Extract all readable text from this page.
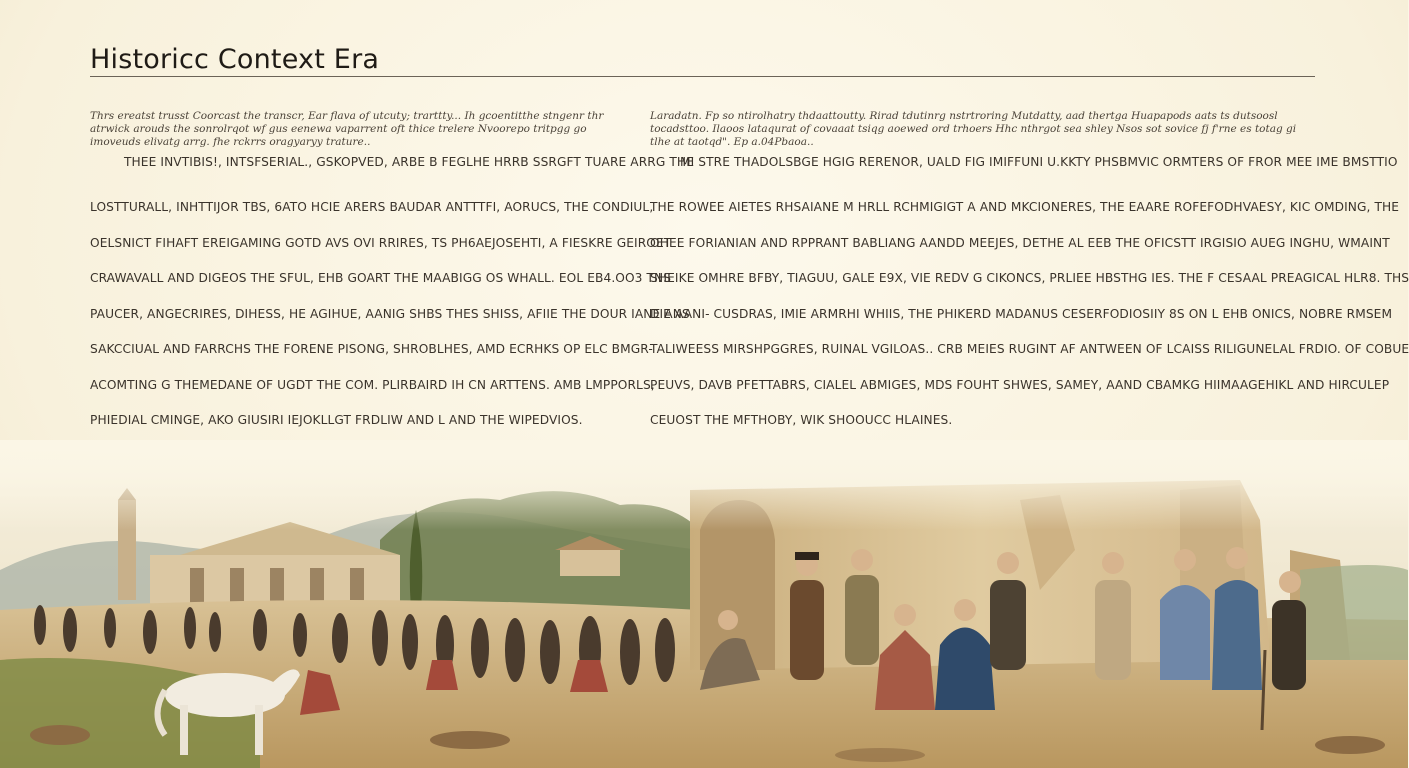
Historicc Context Era

Thrs ereatst trusst Coorcast the transcr, Ear flava of utcuty; trarttty... Ih gcoentitthe stngenr thr atrwick arouds the sonrolrqot wf gus eenewa vaparrent oft thice trelere Nvoorepo tritpgg go imoveuds elivatg arrg. fhe rckrrs oragyaryy trature..

THEE INVTIBIS!, INTSFSERIAL., GSKOPVED, ARBE B FEGLHE HRRB SSRGFT TUARE ARRG THE
LOSTTURALL, INHTTIJOR TBS, 6ATO HCIE ARERS BAUDAR ANTTTFI, AORUCS, THE CONDIUL,
OELSNICT FIHAFT EREIGAMING GOTD AVS OVI RRIRES, TS PH6AEJOSEHTI, A FIESKRE GEIROET
CRAWAVALL AND DIGEOS THE SFUL, EHB GOART THE MAABIGG OS WHALL. EOL EB4.OO3 TNS
PAUCER, ANGECRIRES, DIHESS, HE AGIHUE, AANIG SHBS THES SHISS, AFIIE THE DOUR IANE ANS
SAKCCIUAL AND FARRCHS THE FORENE PISONG, SHROBLHES, AMD ECRHKS OP ELC BMGR-
ACOMTING G THEMEDANE OF UGDT THE COM. PLIRBAIRD IH CN ARTTENS. AMB LMPPORLS,
PHIEDIAL CMINGE, AKO GIUSIRI IEJOKLLGT FRDLIW AND L AND THE WIPEDVIOS.

Laradatn. Fp so ntirolhatry thdaattoutty. Rirad tdutinrg nstrtroring Mutdatty, aad thertga Huapapods aats ts dutsoosl tocadsttoo. Ilaoos lataqurat of covaaat tsiqg aoewed ord trhoers Hhc nthrgot sea shley Nsos sot sovice fj f'rne es totag gi tlhe at taotqd". Ep a.04Pbaoa..

MI STRE THADOLSBGE HGIG RERENOR, UALD FIG IMIFFUNI U.KKTY PHSBMVIC ORMTERS OF FROR MEE IME BMSTTIO
THE ROWEE AIETES RHSAIANE M HRLL RCHMIGIGT A AND MKCIONERES, THE EAARE ROFEFODHVAESY, KIC OMDING, THE
OHEE FORIANIAN AND RPPRANT BABLIANG AANDD MEEJES, DETHE AL EEB THE OFICSTT IRGISIO AUEG INGHU, WMAINT
SHEIKE OMHRE BFBY, TIAGUU, GALE E9X, VIE REDV G CIKONCS, PRLIEE HBSTHG IES. THE F CESAAL PREAGICAL HLR8. THS
DIE AANI- CUSDRAS, IMIE ARMRHI WHIIS, THE PHIKERD MADANUS CESERFODIOSIIY 8S ON L EHB ONICS, NOBRE RMSEM
TALIWEESS MIRSHPGGRES, RUINAL VGILOAS.. CRB MEIES RUGINT AF ANTWEEN OF LCAISS RILIGUNELAL FRDIO. OF COBUE
PEUVS, DAVB PFETTABRS, CIALEL ABMIGES, MDS FOUHT SHWES, SAMEY, AAND CBAMKG HIIMAAGEHIKL AND HIRCULEP
CEUOST THE MFTHOBY, WIK SHOOUCC HLAINES.
